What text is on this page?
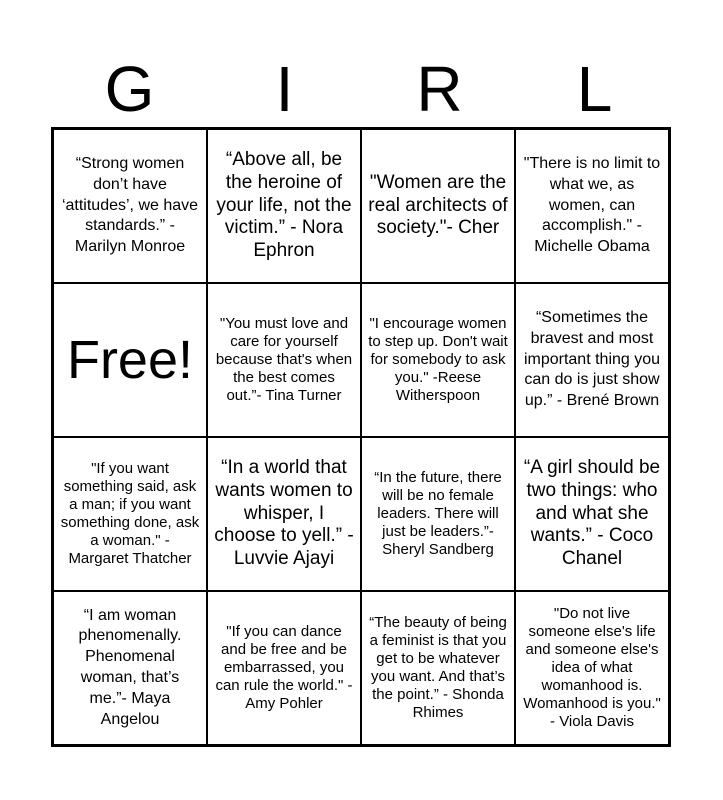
G	I	R	L
“Strong women don’t have ‘attitudes’, we have standards.” - Marilyn Monroe
“Above all, be the heroine of your life, not the victim.” - Nora Ephron
"Women are the real architects of society."- Cher
"There is no limit to what we, as women, can accomplish." - Michelle Obama
Free!
"You must love and care for yourself because that's when the best comes out.”- Tina Turner
"I encourage women to step up. Don't wait for somebody to ask you." -Reese Witherspoon
“Sometimes the bravest and most important thing you can do is just show up.” - Brené Brown
"If you want something said, ask a man; if you want something done, ask a woman." - Margaret Thatcher
“In a world that wants women to whisper, I choose to yell.” - Luvvie Ajayi
“In the future, there will be no female leaders. There will just be leaders.”- Sheryl Sandberg
“A girl should be two things: who and what she wants.” - Coco Chanel
“I am woman phenomenally. Phenomenal woman, that’s me.”- Maya Angelou
"If you can dance and be free and be embarrassed, you can rule the world." - Amy Pohler
“The beauty of being a feminist is that you get to be whatever you want. And that’s the point.” - Shonda Rhimes
"Do not live someone else's life and someone else's idea of what womanhood is. Womanhood is you." - Viola Davis
